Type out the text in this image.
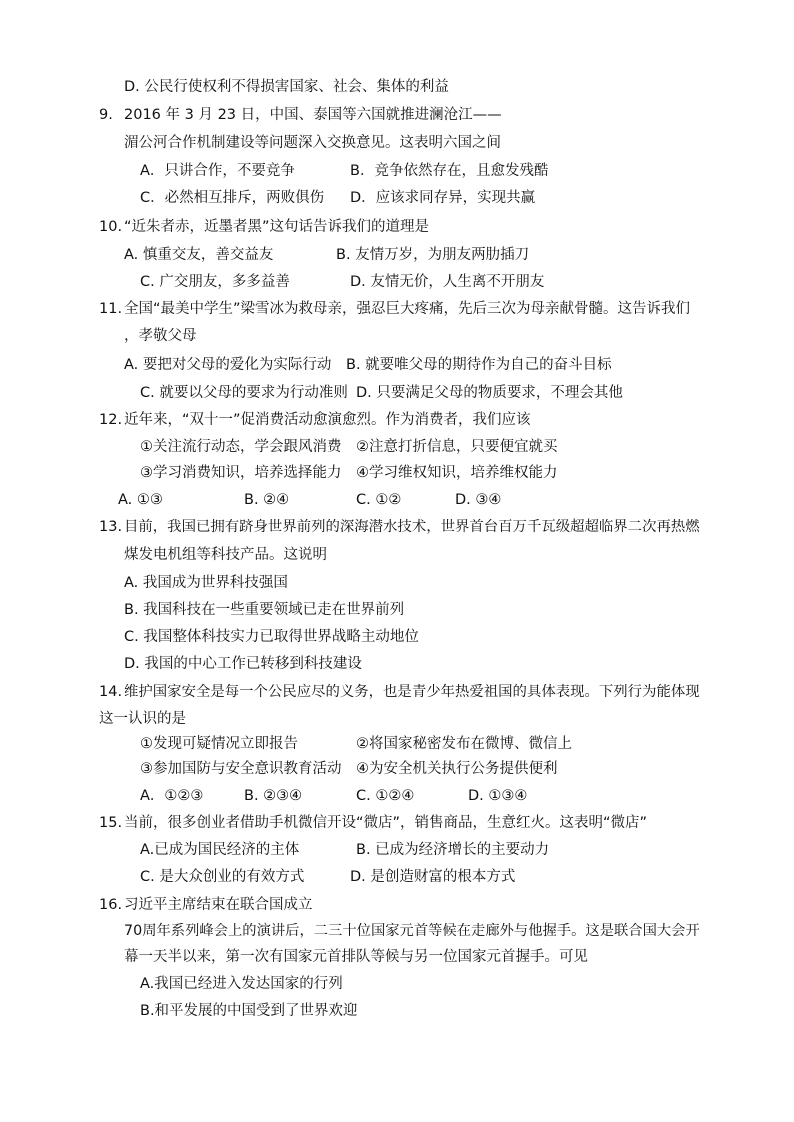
D. 公民行使权利不得损害国家、社会、集体的利益
9. 2016 年 3 月 23 日，中国、泰国等六国就推进澜沧江——
湄公河合作机制建设等问题深入交换意见。这表明六国之间
A．只讲合作，不要竞争	B．竞争依然存在，且愈发残酷
C．必然相互排斥，两败俱伤 D．应该求同存异，实现共赢
10. “近朱者赤，近墨者黑”这句话告诉我们的道理是
A. 慎重交友，善交益友	B. 友情万岁，为朋友两肋插刀
C. 广交朋友，多多益善	D. 友情无价，人生离不开朋友
11. 全国“最美中学生”梁雪冰为救母亲，强忍巨大疼痛，先后三次为母亲献骨髓。这告诉我们
，孝敬父母
A. 要把对父母的爱化为实际行动 B. 就要唯父母的期待作为自己的奋斗目标
C. 就要以父母的要求为行动准则 D. 只要满足父母的物质要求，不理会其他
12. 近年来，“双十一”促消费活动愈演愈烈。作为消费者，我们应该
①关注流行动态，学会跟风消费 ②注意打折信息，只要便宜就买
③学习消费知识，培养选择能力 ④学习维权知识，培养维权能力
A. ①③	B. ②④	C. ①②	D. ③④
13. 目前，我国已拥有跻身世界前列的深海潜水技术，世界首台百万千瓦级超超临界二次再热燃
煤发电机组等科技产品。这说明
A. 我国成为世界科技强国
B. 我国科技在一些重要领域已走在世界前列
C. 我国整体科技实力已取得世界战略主动地位
D. 我国的中心工作已转移到科技建设
14. 维护国家安全是每一个公民应尽的义务，也是青少年热爱祖国的具体表现。下列行为能体现
这一认识的是
①发现可疑情况立即报告	②将国家秘密发布在微博、微信上
③参加国防与安全意识教育活动 ④为安全机关执行公务提供便利
A．①②③	B. ②③④	C. ①②④	D. ①③④
15. 当前，很多创业者借助手机微信开设“微店”，销售商品，生意红火。这表明“微店”
A.已成为国民经济的主体	B. 已成为经济增长的主要动力
C. 是大众创业的有效方式	D. 是创造财富的根本方式
16. 习近平主席结束在联合国成立
70周年系列峰会上的演讲后，二三十位国家元首等候在走廊外与他握手。这是联合国大会开
幕一天半以来，第一次有国家元首排队等候与另一位国家元首握手。可见
A.我国已经进入发达国家的行列
B.和平发展的中国受到了世界欢迎
